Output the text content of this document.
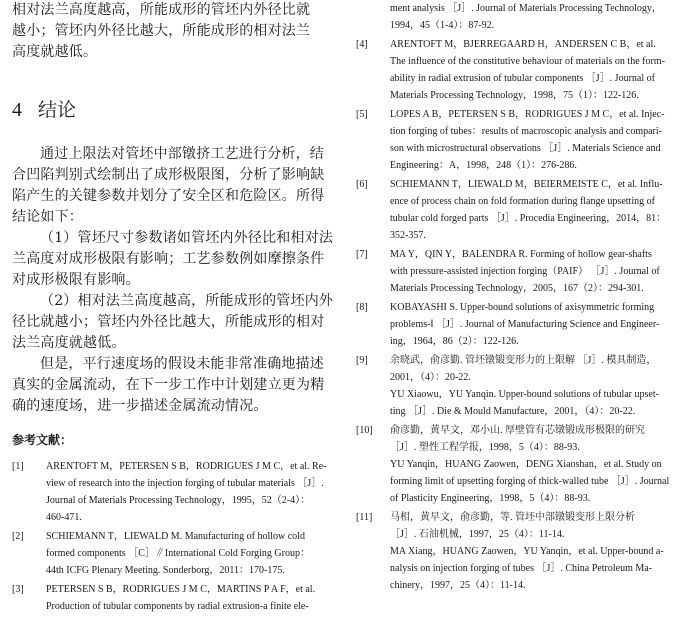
相对法兰高度越高，所能成形的管坯内外径比就

越小；管坯内外径比越大，所能成形的相对法兰

高度就越低。

4 结论

通过上限法对管坯中部镦挤工艺进行分析，结

合凹陷判别式绘制出了成形极限图，分析了影响缺

陷产生的关键参数并划分了安全区和危险区。所得

结论如下：

（1）管坯尺寸参数诸如管坯内外径比和相对法

兰高度对成形极限有影响；工艺参数例如摩擦条件

对成形极限有影响。

（2）相对法兰高度越高，所能成形的管坯内外

径比就越小；管坯内外径比越大，所能成形的相对

法兰高度就越低。

但是，平行速度场的假设未能非常准确地描述

真实的金属流动，在下一步工作中计划建立更为精

确的速度场，进一步描述金属流动情况。

参考文献：
[1]	ARENTOFT M，PETERSEN S B，RODRIGUES J M C，et al. Re-
view of research into the injection forging of tubular materials ［J］.
Journal of Materials Processing Technology，1995，52（2-4）：
460-471.
[2]	SCHIEMANN T，LIEWALD M. Manufacturing of hollow cold
formed components ［C］∥International Cold Forging Group：
44th ICFG Plenary Meeting. Sonderborg，2011：170-175.
[3]	PETERSEN S B，RODRIGUES J M C，MARTINS P A F，et al.
Production of tubular components by radial extrusion-a finite ele-
ment analysis ［J］. Journal of Materials Processing Technology，
1994，45（1-4）：87-92.
[4]	ARENTOFT M，BJERREGAARD H，ANDERSEN C B，et al.
The influence of the constitutive behaviour of materials on the form-
ability in radial extrusion of tubular components ［J］. Journal of
Materials Processing Technology，1998，75（1）：122-126.
[5]	LOPES A B，PETERSEN S B，RODRIGUES J M C，et al. Injec-
tion forging of tubes：results of macroscopic analysis and compari-
son with microstructural observations ［J］. Materials Science and
Engineering：A，1998，248（1）：276-286.
[6]	SCHIEMANN T，LIEWALD M，BEIERMEISTE C，et al. Influ-
ence of process chain on fold formation during flange upsetting of
tubular cold forged parts ［J］. Procedia Engineering，2014，81：
352-357.
[7]	MA Y，QIN Y，BALENDRA R. Forming of hollow gear-shafts
with pressure-assisted injection forging（PAIF） ［J］. Journal of
Materials Processing Technology，2005，167（2）：294-301.
[8]	KOBAYASHI S. Upper-bound solutions of axisymmetric forming
problems-Ⅰ ［J］. Journal of Manufacturing Science and Engineer-
ing，1964，86（2）：122-126.
[9]	余晓武，俞彦勤. 管坯镦锻变形力的上限解 ［J］. 模具制造，
2001，（4）：20-22.
YU Xiaowu，YU Yanqin. Upper-bound solutions of tubular upset-
ting ［J］. Die & Mould Manufacture，2001，（4）：20-22.
[10]	俞彦勤，黄早文，邓小山. 厚壁管有芯镦锻成形极限的研究
［J］. 塑性工程学报，1998，5（4）：88-93.
YU Yanqin，HUANG Zaowen，DENG Xiaoshan，et al. Study on
forming limit of upsetting forging of thick-walled tube ［J］. Journal
of Plasticity Engineering，1998，5（4）：88-93.
[11]	马相，黄早文，俞彦勤，等. 管坯中部镦锻变形上限分析
［J］. 石油机械，1997，25（4）：11-14.
MA Xiang，HUANG Zaowen，YU Yanqin，et al. Upper-bound a-
nalysis on injection forging of tubes ［J］. China Petroleum Ma-
chinery，1997，25（4）：11-14.
